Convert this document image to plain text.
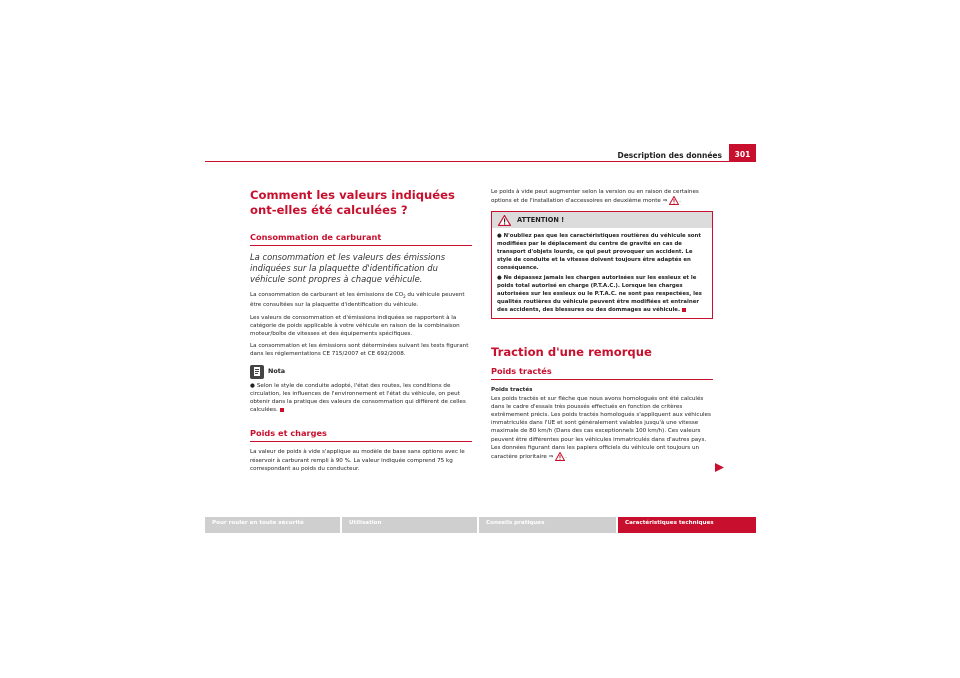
Description des données	301
Comment les valeurs indiquées ont-elles été calculées ?
Consommation de carburant
La consommation et les valeurs des émissions indiquées sur la plaquette d'identification du véhicule sont propres à chaque véhicule.

La consommation de carburant et les émissions de $CO_2$ du véhicule peuvent être consultées sur la plaquette d'identification du véhicule.

Les valeurs de consommation et d'émissions indiquées se rapportent à la catégorie de poids applicable à votre véhicule en raison de la combinaison moteur/boîte de vitesses et des équipements spécifiques.

La consommation et les émissions sont déterminées suivant les tests figurant dans les réglementations CE 715/2007 et CE 692/2008.

Nota

● Selon le style de conduite adopté, l'état des routes, les conditions de circulation, les influences de l'environnement et l'état du véhicule, on peut obtenir dans la pratique des valeurs de consommation qui diffèrent de celles calculées.

Poids et charges

La valeur de poids à vide s'applique au modèle de base sans options avec le réservoir à carburant rempli à 90 %. La valeur indiquée comprend 75 kg correspondant au poids du conducteur.

Le poids à vide peut augmenter selon la version ou en raison de certaines options et de l'installation d'accessoires en deuxième monte ⇒ .

ATTENTION !

● N'oubliez pas que les caractéristiques routières du véhicule sont modifiées par le déplacement du centre de gravité en cas de transport d'objets lourds, ce qui peut provoquer un accident. Le style de conduite et la vitesse doivent toujours être adaptés en conséquence.

● Ne dépassez jamais les charges autorisées sur les essieux et le poids total autorisé en charge (P.T.A.C.). Lorsque les charges autorisées sur les essieux ou le P.T.A.C. ne sont pas respectées, les qualités routières du véhicule peuvent être modifiées et entraîner des accidents, des blessures ou des dommages au véhicule.

Traction d'une remorque
Poids tractés
Poids tractés

Les poids tractés et sur flèche que nous avons homologués ont été calculés dans le cadre d'essais très poussés effectués en fonction de critères extrêmement précis. Les poids tractés homologués s'appliquent aux véhicules immatriculés dans l'UE et sont généralement valables jusqu'à une vitesse maximale de 80 km/h (Dans des cas exceptionnels 100 km/h). Ces valeurs peuvent être différentes pour les véhicules immatriculés dans d'autres pays. Les données figurant dans les papiers officiels du véhicule ont toujours un caractère prioritaire ⇒ .

Pour rouler en toute sécurité	Utilisation	Conseils pratiques	Caractéristiques techniques
